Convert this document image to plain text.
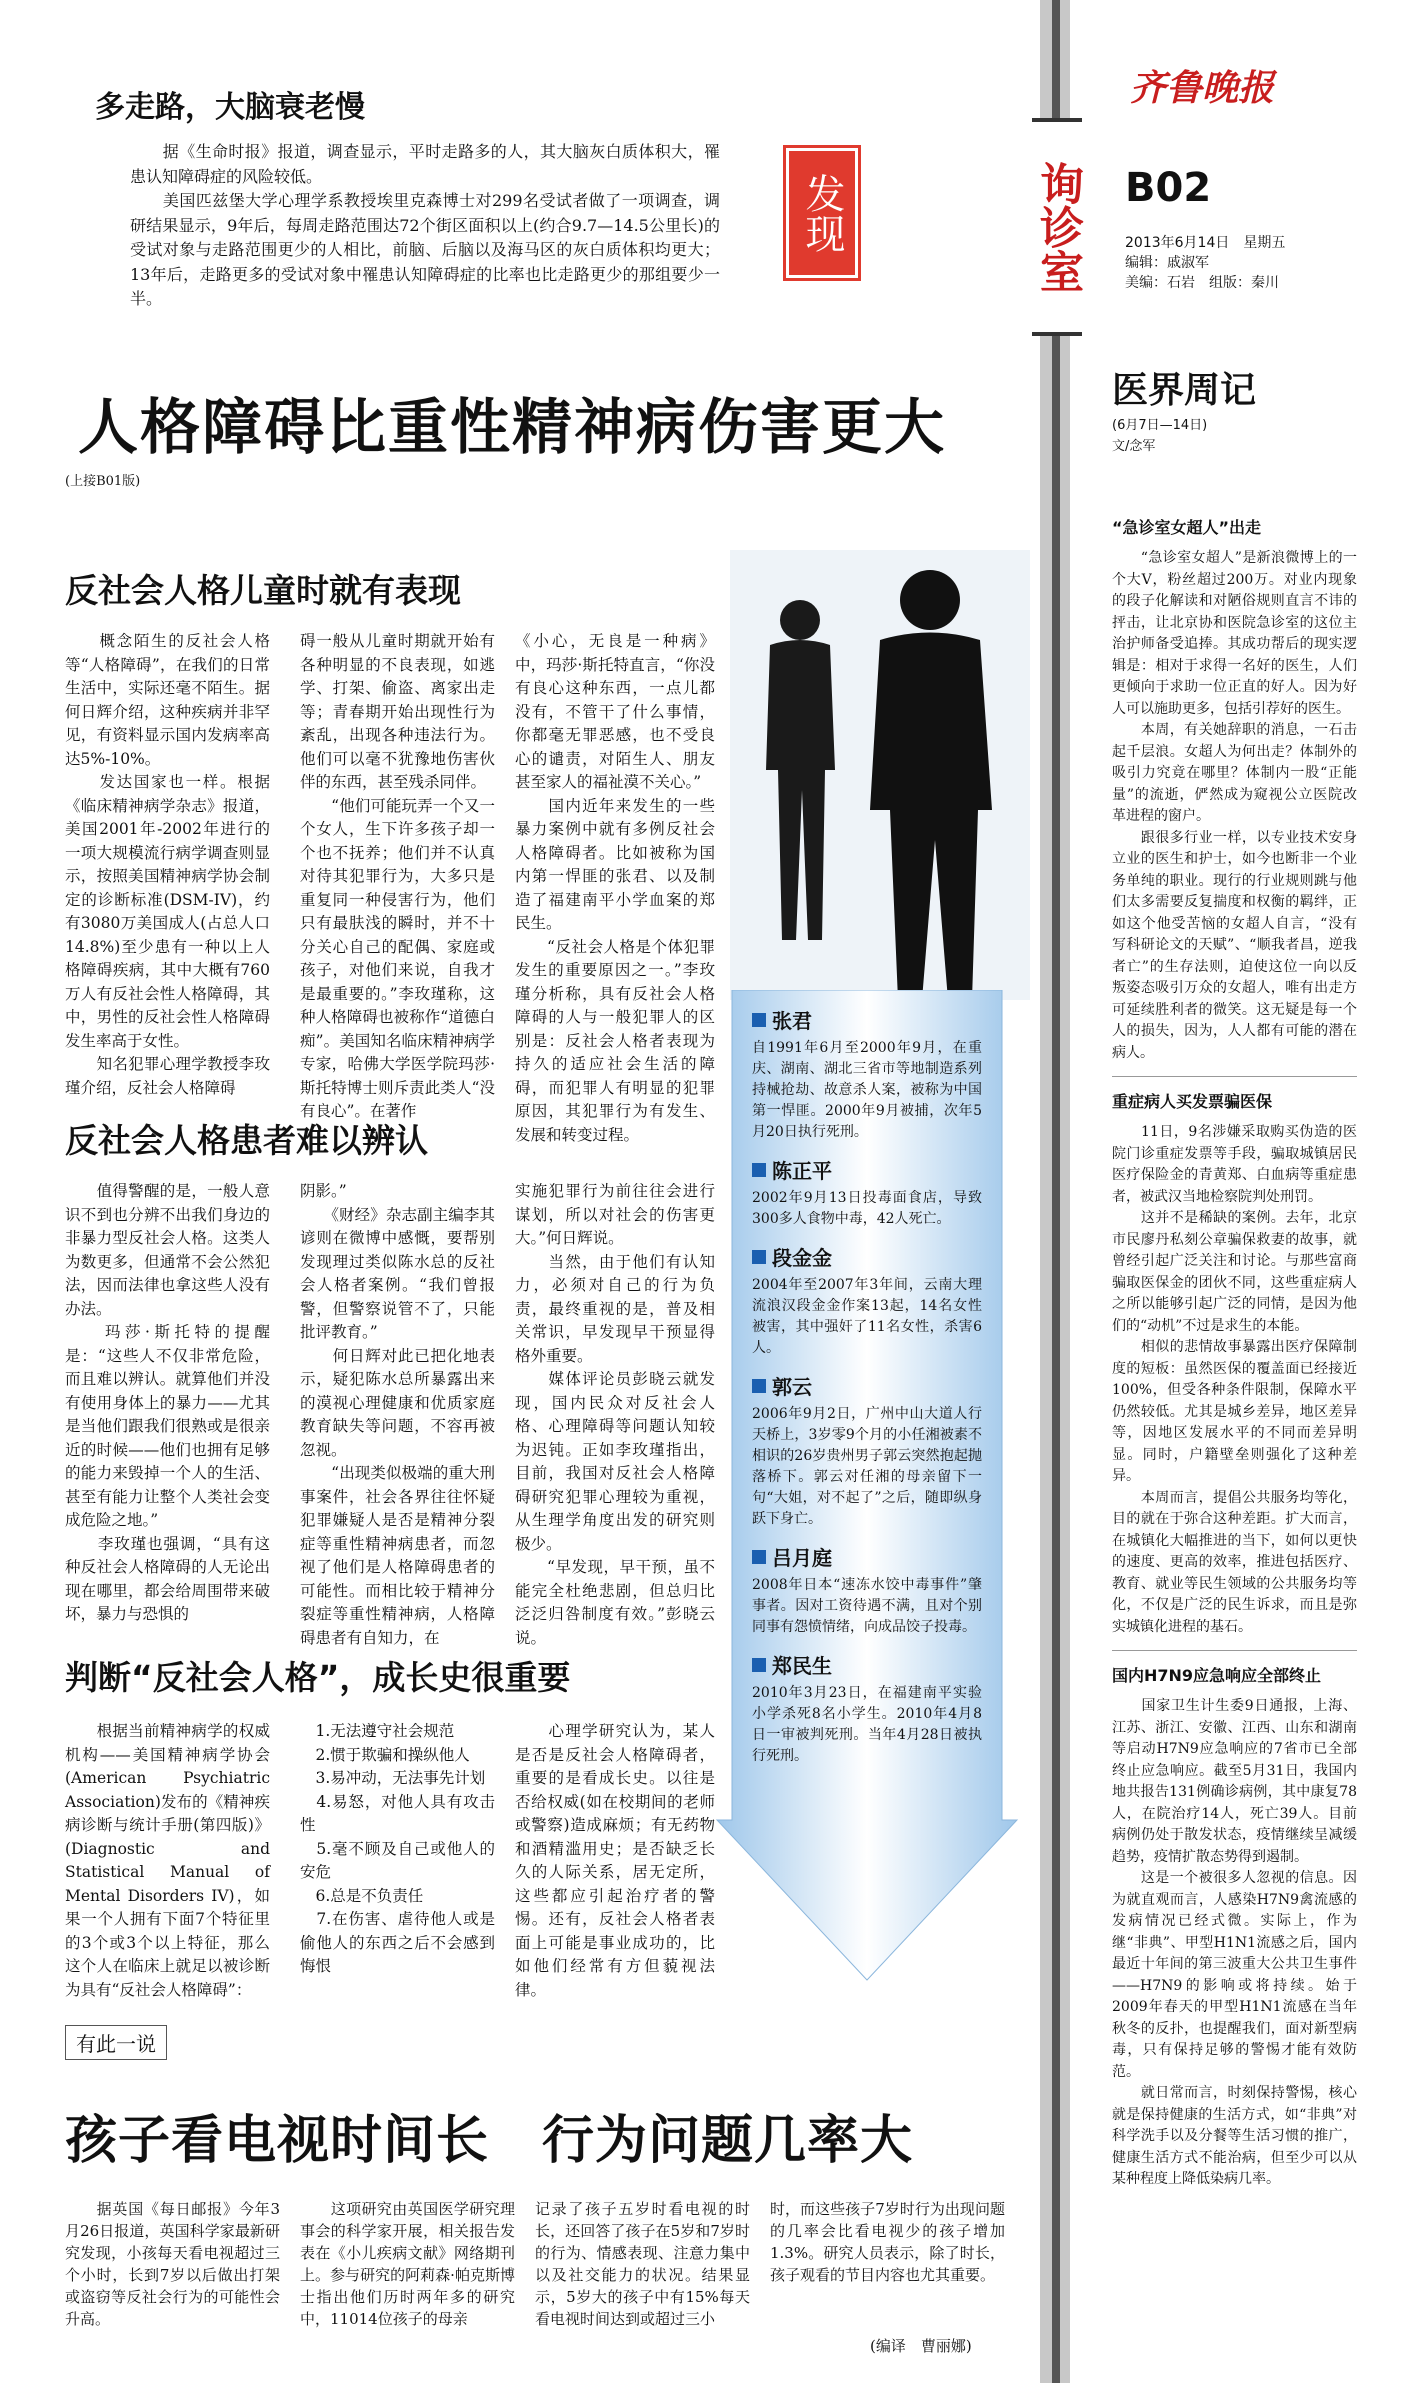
多走路，大脑衰老慢

　　据《生命时报》报道，调查显示，平时走路多的人，其大脑灰白质体积大，罹患认知障碍症的风险较低。
　　美国匹兹堡大学心理学系教授埃里克森博士对299名受试者做了一项调查，调研结果显示，9年后，每周走路范围达72个街区面积以上(约合9.7—14.5公里长)的受试对象与走路范围更少的人相比，前脑、后脑以及海马区的灰白质体积均更大；13年后，走路更多的受试对象中罹患认知障碍症的比率也比走路更少的那组要少一半。

发现	询诊室
齐鲁晚报
B02
2013年6月14日　星期五
编辑：戚淑军
美编：石岩　组版：秦川
人格障碍比重性精神病伤害更大
(上接B01版)
反社会人格儿童时就有表现

　　概念陌生的反社会人格等“人格障碍”，在我们的日常生活中，实际还毫不陌生。据何日辉介绍，这种疾病并非罕见，有资料显示国内发病率高达5%-10%。
　　发达国家也一样。根据《临床精神病学杂志》报道，美国2001年-2002年进行的一项大规模流行病学调查则显示，按照美国精神病学协会制定的诊断标准(DSM-IV)，约有3080万美国成人(占总人口14.8%)至少患有一种以上人格障碍疾病，其中大概有760万人有反社会性人格障碍，其中，男性的反社会性人格障碍发生率高于女性。
　　知名犯罪心理学教授李玫瑾介绍，反社会人格障碍

碍一般从儿童时期就开始有各种明显的不良表现，如逃学、打架、偷盗、离家出走等；青春期开始出现性行为紊乱，出现各种违法行为。他们可以毫不犹豫地伤害伙伴的东西，甚至残杀同伴。
　　“他们可能玩弄一个又一个女人，生下许多孩子却一个也不抚养；他们并不认真对待其犯罪行为，大多只是重复同一种侵害行为，他们只有最肤浅的瞬时，并不十分关心自己的配偶、家庭或孩子，对他们来说，自我才是最重要的。”李玫瑾称，这种人格障碍也被称作“道德白痴”。美国知名临床精神病学专家，哈佛大学医学院玛莎·斯托特博士则斥责此类人“没有良心”。在著作

《小心，无良是一种病》中，玛莎·斯托特直言，“你没有良心这种东西，一点儿都没有，不管干了什么事情，你都毫无罪恶感，也不受良心的谴责，对陌生人、朋友甚至家人的福祉漠不关心。”
　　国内近年来发生的一些暴力案例中就有多例反社会人格障碍者。比如被称为国内第一悍匪的张君、以及制造了福建南平小学血案的郑民生。
　　“反社会人格是个体犯罪发生的重要原因之一。”李玫瑾分析称，具有反社会人格障碍的人与一般犯罪人的区别是：反社会人格者表现为持久的适应社会生活的障碍，而犯罪人有明显的犯罪原因，其犯罪行为有发生、发展和转变过程。

反社会人格患者难以辨认

　　值得警醒的是，一般人意识不到也分辨不出我们身边的非暴力型反社会人格。这类人为数更多，但通常不会公然犯法，因而法律也拿这些人没有办法。
　　玛莎·斯托特的提醒是：“这些人不仅非常危险，而且难以辨认。就算他们并没有使用身体上的暴力——尤其是当他们跟我们很熟或是很亲近的时候——他们也拥有足够的能力来毁掉一个人的生活、甚至有能力让整个人类社会变成危险之地。”
　　李玫瑾也强调，“具有这种反社会人格障碍的人无论出现在哪里，都会给周围带来破坏，暴力与恐惧的

阴影。”
　　《财经》杂志副主编李其谚则在微博中感慨，要帮别发现理过类似陈水总的反社会人格者案例。“我们曾报警，但警察说管不了，只能批评教育。”
　　何日辉对此已把化地表示，疑犯陈水总所暴露出来的漠视心理健康和优质家庭教育缺失等问题，不容再被忽视。
　　“出现类似极端的重大刑事案件，社会各界往往怀疑犯罪嫌疑人是否是精神分裂症等重性精神病患者，而忽视了他们是人格障碍患者的可能性。而相比较于精神分裂症等重性精神病，人格障碍患者有自知力，在

实施犯罪行为前往往会进行谋划，所以对社会的伤害更大。”何日辉说。
　　当然，由于他们有认知力，必须对自己的行为负责，最终重视的是，普及相关常识，早发现早干预显得格外重要。
　　媒体评论员彭晓云就发现，国内民众对反社会人格、心理障碍等问题认知较为迟钝。正如李玫瑾指出，目前，我国对反社会人格障碍研究犯罪心理较为重视，从生理学角度出发的研究则极少。
　　“早发现，早干预，虽不能完全杜绝悲剧，但总归比泛泛归咎制度有效。”彭晓云说。

判断“反社会人格”，成长史很重要

　　根据当前精神病学的权威机构——美国精神病学协会(American Psychiatric Association)发布的《精神疾病诊断与统计手册(第四版)》(Diagnostic and Statistical Manual of Mental Disorders IV)，如果一个人拥有下面7个特征里的3个或3个以上特征，那么这个人在临床上就足以被诊断为具有“反社会人格障碍”：

　1.无法遵守社会规范
　2.惯于欺骗和操纵他人
　3.易冲动，无法事先计划
　4.易怒，对他人具有攻击性
　5.毫不顾及自己或他人的安危
　6.总是不负责任
　7.在伤害、虐待他人或是偷他人的东西之后不会感到悔恨

　　心理学研究认为，某人是否是反社会人格障碍者，重要的是看成长史。以往是否给权威(如在校期间的老师或警察)造成麻烦；有无药物和酒精滥用史；是否缺乏长久的人际关系，居无定所，这些都应引起治疗者的警惕。还有，反社会人格者表面上可能是事业成功的，比如他们经常有方但藐视法律。

张君

自1991年6月至2000年9月，在重庆、湖南、湖北三省市等地制造系列持械抢劫、故意杀人案，被称为中国第一悍匪。2000年9月被捕，次年5月20日执行死刑。

陈正平

2002年9月13日投毒面食店，导致300多人食物中毒，42人死亡。

段金金

2004年至2007年3年间，云南大理流浪汉段金金作案13起，14名女性被害，其中强奸了11名女性，杀害6人。

郭云

2006年9月2日，广州中山大道人行天桥上，3岁零9个月的小任湘被素不相识的26岁贵州男子郭云突然抱起抛落桥下。郭云对任湘的母亲留下一句“大姐，对不起了”之后，随即纵身跃下身亡。

吕月庭

2008年日本“速冻水饺中毒事件”肇事者。因对工资待遇不满，且对个别同事有怨愤情绪，向成品饺子投毒。

郑民生

2010年3月23日，在福建南平实验小学杀死8名小学生。2010年4月8日一审被判死刑。当年4月28日被执行死刑。

医界周记
(6月7日—14日)
文/念军
“急诊室女超人”出走

　　“急诊室女超人”是新浪微博上的一个大V，粉丝超过200万。对业内现象的段子化解读和对陋俗规则直言不讳的抨击，让北京协和医院急诊室的这位主治护师备受追捧。其成功帮后的现实逻辑是：相对于求得一名好的医生，人们更倾向于求助一位正直的好人。因为好人可以施助更多，包括引荐好的医生。
　　本周，有关她辞职的消息，一石击起千层浪。女超人为何出走？体制外的吸引力究竟在哪里？体制内一股“正能量”的流逝，俨然成为窥视公立医院改革进程的窗户。
　　跟很多行业一样，以专业技术安身立业的医生和护士，如今也断非一个业务单纯的职业。现行的行业规则跳与他们太多需要反复揣度和权衡的羁绊，正如这个他受苦恼的女超人自言，“没有写科研论文的天赋”、“顺我者昌，逆我者亡”的生存法则，迫使这位一向以反叛姿态吸引万众的女超人，唯有出走方可延续胜利者的微笑。这无疑是每一个人的损失，因为，人人都有可能的潜在病人。

重症病人买发票骗医保

　　11日，9名涉嫌采取购买伪造的医院门诊重症发票等手段，骗取城镇居民医疗保险金的青黄郑、白血病等重症患者，被武汉当地检察院判处刑罚。
　　这并不是稀缺的案例。去年，北京市民廖丹私刻公章骗保救妻的故事，就曾经引起广泛关注和讨论。与那些富商骗取医保金的团伙不同，这些重症病人之所以能够引起广泛的同情，是因为他们的“动机”不过是求生的本能。
　　相似的悲情故事暴露出医疗保障制度的短板：虽然医保的覆盖面已经接近100%，但受各种条件限制，保障水平仍然较低。尤其是城乡差异，地区差异等，因地区发展水平的不同而差异明显。同时，户籍壁垒则强化了这种差异。
　　本周而言，提倡公共服务均等化，目的就在于弥合这种差距。扩大而言，在城镇化大幅推进的当下，如何以更快的速度、更高的效率，推进包括医疗、教育、就业等民生领域的公共服务均等化，不仅是广泛的民生诉求，而且是弥实城镇化进程的基石。

国内H7N9应急响应全部终止

　　国家卫生计生委9日通报，上海、江苏、浙江、安徽、江西、山东和湖南等启动H7N9应急响应的7省市已全部终止应急响应。截至5月31日，我国内地共报告131例确诊病例，其中康复78人，在院治疗14人，死亡39人。目前病例仍处于散发状态，疫情继续呈减缓趋势，疫情扩散态势得到遏制。
　　这是一个被很多人忽视的信息。因为就直观而言，人感染H7N9禽流感的发病情况已经式微。实际上，作为继“非典”、甲型H1N1流感之后，国内最近十年间的第三波重大公共卫生事件——H7N9的影响或将持续。始于2009年春天的甲型H1N1流感在当年秋冬的反扑，也提醒我们，面对新型病毒，只有保持足够的警惕才能有效防范。
　　就日常而言，时刻保持警惕，核心就是保持健康的生活方式，如“非典”对科学洗手以及分餐等生活习惯的推广，健康生活方式不能治病，但至少可以从某种程度上降低染病几率。

有此一说
孩子看电视时间长　行为问题几率大

　　据英国《每日邮报》今年3月26日报道，英国科学家最新研究发现，小孩每天看电视超过三个小时，长到7岁以后做出打架或盗窃等反社会行为的可能性会升高。

　　这项研究由英国医学研究理事会的科学家开展，相关报告发表在《小儿疾病文献》网络期刊上。参与研究的阿莉森·帕克斯博士指出他们历时两年多的研究中，11014位孩子的母亲

记录了孩子五岁时看电视的时长，还回答了孩子在5岁和7岁时的行为、情感表现、注意力集中以及社交能力的状况。结果显示，5岁大的孩子中有15%每天看电视时间达到或超过三小

时，而这些孩子7岁时行为出现问题的几率会比看电视少的孩子增加1.3%。研究人员表示，除了时长，孩子观看的节目内容也尤其重要。

(编译　曹丽娜)
